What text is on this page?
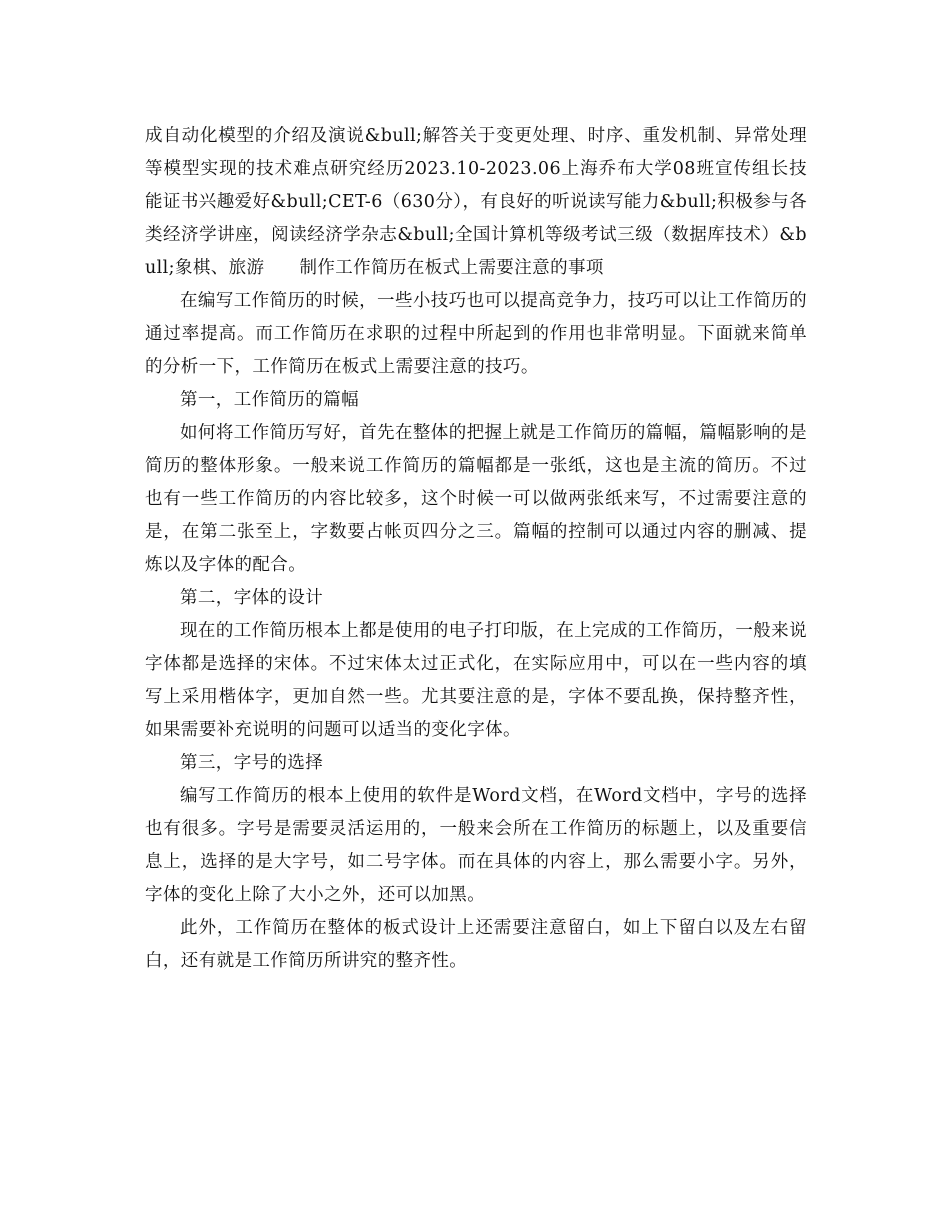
成自动化模型的介绍及演说&bull;解答关于变更处理、时序、重发机制、异常处理等模型实现的技术难点研究经历2023.10-2023.06上海乔布大学08班宣传组长技能证书兴趣爱好&bull;CET-6（630分），有良好的听说读写能力&bull;积极参与各类经济学讲座，阅读经济学杂志&bull;全国计算机等级考试三级（数据库技术）&bull;象棋、旅游 制作工作简历在板式上需要注意的事项

在编写工作简历的时候，一些小技巧也可以提高竞争力，技巧可以让工作简历的通过率提高。而工作简历在求职的过程中所起到的作用也非常明显。下面就来简单的分析一下，工作简历在板式上需要注意的技巧。

第一，工作简历的篇幅

如何将工作简历写好，首先在整体的把握上就是工作简历的篇幅，篇幅影响的是简历的整体形象。一般来说工作简历的篇幅都是一张纸，这也是主流的简历。不过也有一些工作简历的内容比较多，这个时候一可以做两张纸来写，不过需要注意的是，在第二张至上，字数要占帐页四分之三。篇幅的控制可以通过内容的删减、提炼以及字体的配合。

第二，字体的设计

现在的工作简历根本上都是使用的电子打印版，在上完成的工作简历，一般来说字体都是选择的宋体。不过宋体太过正式化，在实际应用中，可以在一些内容的填写上采用楷体字，更加自然一些。尤其要注意的是，字体不要乱换，保持整齐性，如果需要补充说明的问题可以适当的变化字体。

第三，字号的选择

编写工作简历的根本上使用的软件是Word文档，在Word文档中，字号的选择也有很多。字号是需要灵活运用的，一般来会所在工作简历的标题上，以及重要信息上，选择的是大字号，如二号字体。而在具体的内容上，那么需要小字。另外，字体的变化上除了大小之外，还可以加黑。

此外，工作简历在整体的板式设计上还需要注意留白，如上下留白以及左右留白，还有就是工作简历所讲究的整齐性。
